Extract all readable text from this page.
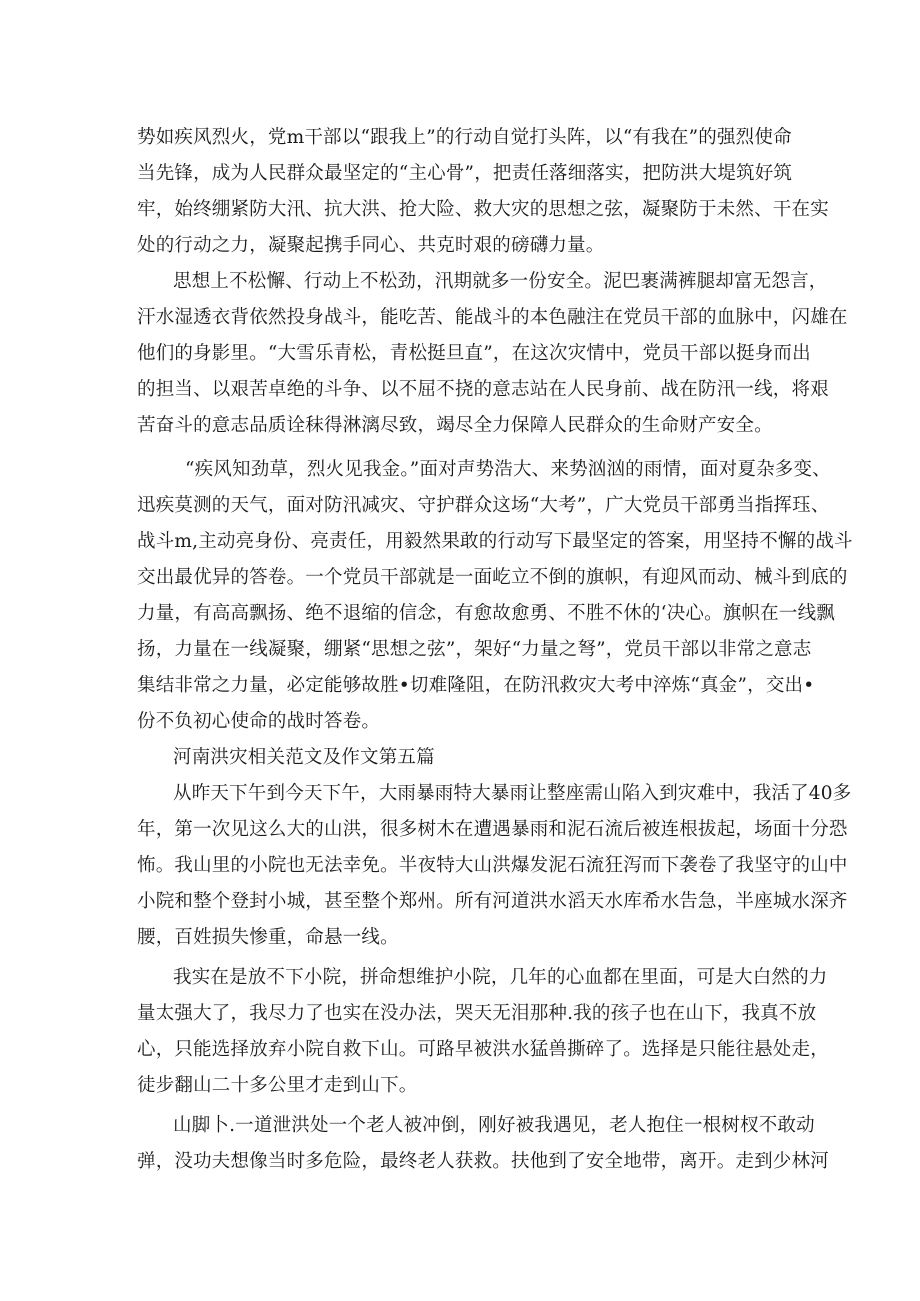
势如疾风烈火，党m干部以“跟我上”的行动自觉打头阵，以“有我在”的强烈使命
当先锋，成为人民群众最坚定的“主心骨”，把责任落细落实，把防洪大堤筑好筑
牢，始终绷紧防大汛、抗大洪、抢大险、救大灾的思想之弦，凝聚防于未然、干在实
处的行动之力，凝聚起携手同心、共克时艰的磅礴力量。
思想上不松懈、行动上不松劲，汛期就多一份安全。泥巴裹满裤腿却富无怨言，
汗水湿透衣背依然投身战斗，能吃苦、能战斗的本色融注在党员干部的血脉中，闪雄在
他们的身影里。“大雪乐青松，青松挺旦直”，在这次灾情中，党员干部以挺身而出
的担当、以艰苦卓绝的斗争、以不屈不挠的意志站在人民身前、战在防汛一线，将艰
苦奋斗的意志品质诠秣得淋漓尽致，竭尽全力保障人民群众的生命财产安全。
“疾风知劲草，烈火见我金。”面对声势浩大、来势汹汹的雨情，面对夏杂多变、
迅疾莫测的天气，面对防汛减灾、守护群众这场“大考”，广大党员干部勇当指挥珏、
战斗m,主动亮身份、亮责任，用毅然果敢的行动写下最坚定的答案，用坚持不懈的战斗
交出最优异的答卷。一个党员干部就是一面屹立不倒的旗帜，有迎风而动、械斗到底的
力量，有高高飘扬、绝不退缩的信念，有愈故愈勇、不胜不休的‘决心。旗帜在一线飘
扬，力量在一线凝聚，绷紧“思想之弦”，架好“力量之弩”，党员干部以非常之意志
集结非常之力量，必定能够故胜•切难隆阻，在防汛救灾大考中淬炼“真金”，交出•
份不负初心使命的战时答卷。
河南洪灾相关范文及作文第五篇
从昨天下午到今天下午，大雨暴雨特大暴雨让整座需山陷入到灾难中，我活了40多
年，第一次见这么大的山洪，很多树木在遭遇暴雨和泥石流后被连根拔起，场面十分恐
怖。我山里的小院也无法幸免。半夜特大山洪爆发泥石流狂泻而下袭卷了我坚守的山中
小院和整个登封小城，甚至整个郑州。所有河道洪水滔天水库希水告急，半座城水深齐
腰，百姓损失惨重，命悬一线。
我实在是放不下小院，拼命想维护小院，几年的心血都在里面，可是大白然的力
量太强大了，我尽力了也实在没办法，哭天无泪那种.我的孩子也在山下，我真不放
心，只能选择放弃小院自救下山。可路早被洪水猛兽撕碎了。选择是只能往悬处走，
徒步翻山二十多公里才走到山下。
山脚卜.一道泄洪处一个老人被冲倒，刚好被我遇见，老人抱住一根树杈不敢动
弹，没功夫想像当时多危险，最终老人获救。扶他到了安全地带，离开。走到少林河
